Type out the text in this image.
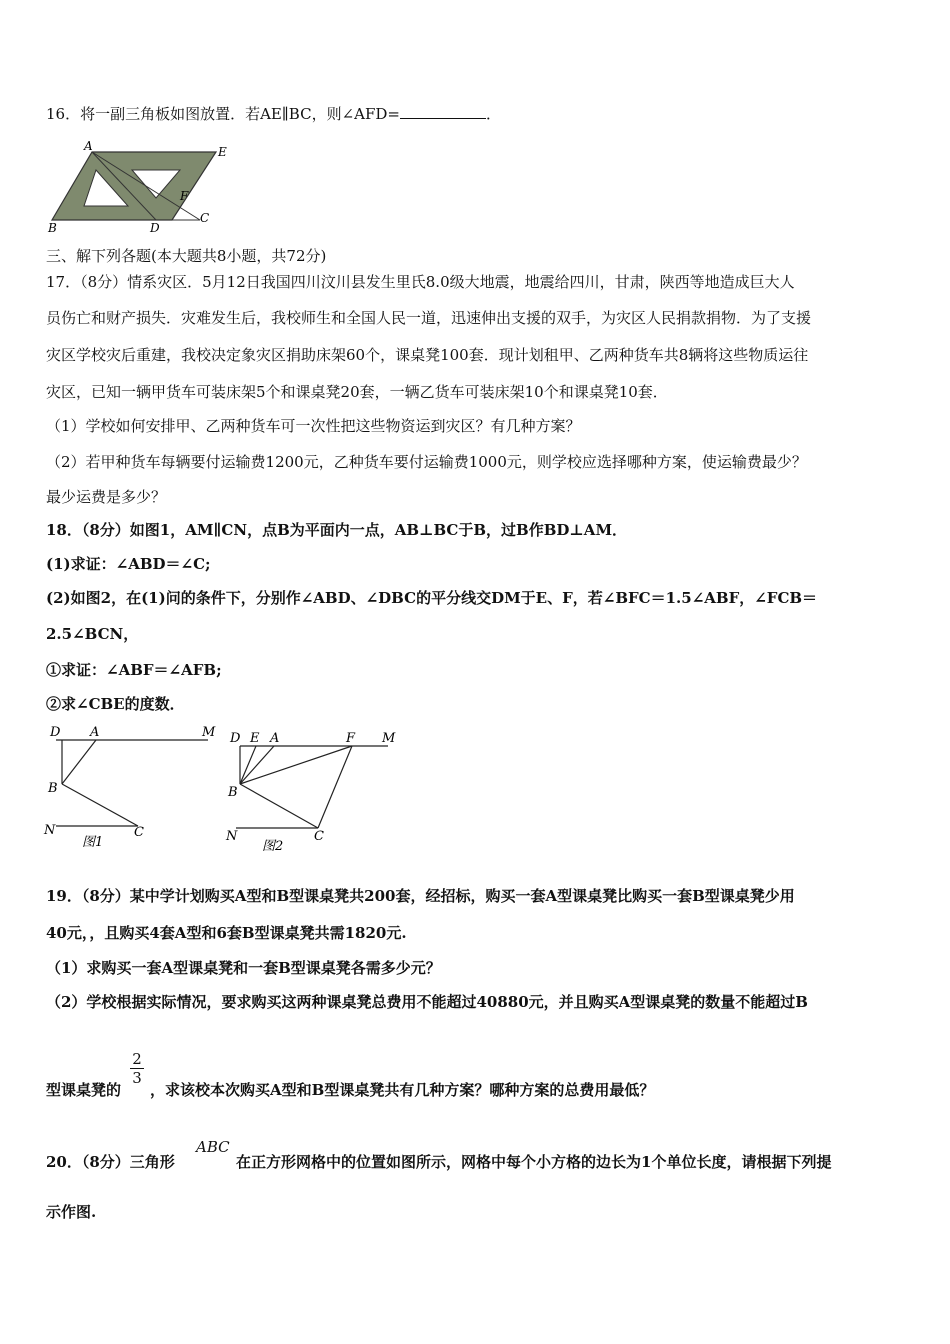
16．将一副三角板如图放置．若AE∥BC，则∠AFD=	．
A	E
B	D
F
C
三、解下列各题(本大题共8小题，共72分)
17．（8分）情系灾区．5月12日我国四川汶川县发生里氏8.0级大地震，地震给四川，甘肃，陕西等地造成巨大人
员伤亡和财产损失．灾难发生后，我校师生和全国人民一道，迅速伸出支援的双手，为灾区人民捐款捐物．为了支援
灾区学校灾后重建，我校决定象灾区捐助床架60个，课桌凳100套．现计划租甲、乙两种货车共8辆将这些物质运往
灾区，已知一辆甲货车可装床架5个和课桌凳20套，一辆乙货车可装床架10个和课桌凳10套．
（1）学校如何安排甲、乙两种货车可一次性把这些物资运到灾区？有几种方案？
（2）若甲种货车每辆要付运输费1200元，乙种货车要付运输费1000元，则学校应选择哪种方案，使运输费最少？
最少运费是多少？
18．（8分）如图1，AM∥CN，点B为平面内一点，AB⊥BC于B，过B作BD⊥AM．
(1)求证：∠ABD＝∠C;
(2)如图2，在(1)问的条件下，分别作∠ABD、∠DBC的平分线交DM于E、F，若∠BFC＝1.5∠ABF，∠FCB＝
2.5∠BCN，
①求证：∠ABF＝∠AFB;
②求∠CBE的度数．
D A	M
B
N	C
图1
D E A	F M
B
N	C
图2
19．（8分）某中学计划购买A型和B型课桌凳共200套，经招标，购买一套A型课桌凳比购买一套B型课桌凳少用
40元，，且购买4套A型和6套B型课桌凳共需1820元.
（1）求购买一套A型课桌凳和一套B型课桌凳各需多少元？
（2）学校根据实际情况，要求购买这两种课桌凳总费用不能超过40880元，并且购买A型课桌凳的数量不能超过B
型课桌凳的
2
3
，求该校本次购买A型和B型课桌凳共有几种方案？哪种方案的总费用最低？
20．（8分）三角形
ABC
在正方形网格中的位置如图所示，网格中每个小方格的边长为1个单位长度，请根据下列提
示作图.
